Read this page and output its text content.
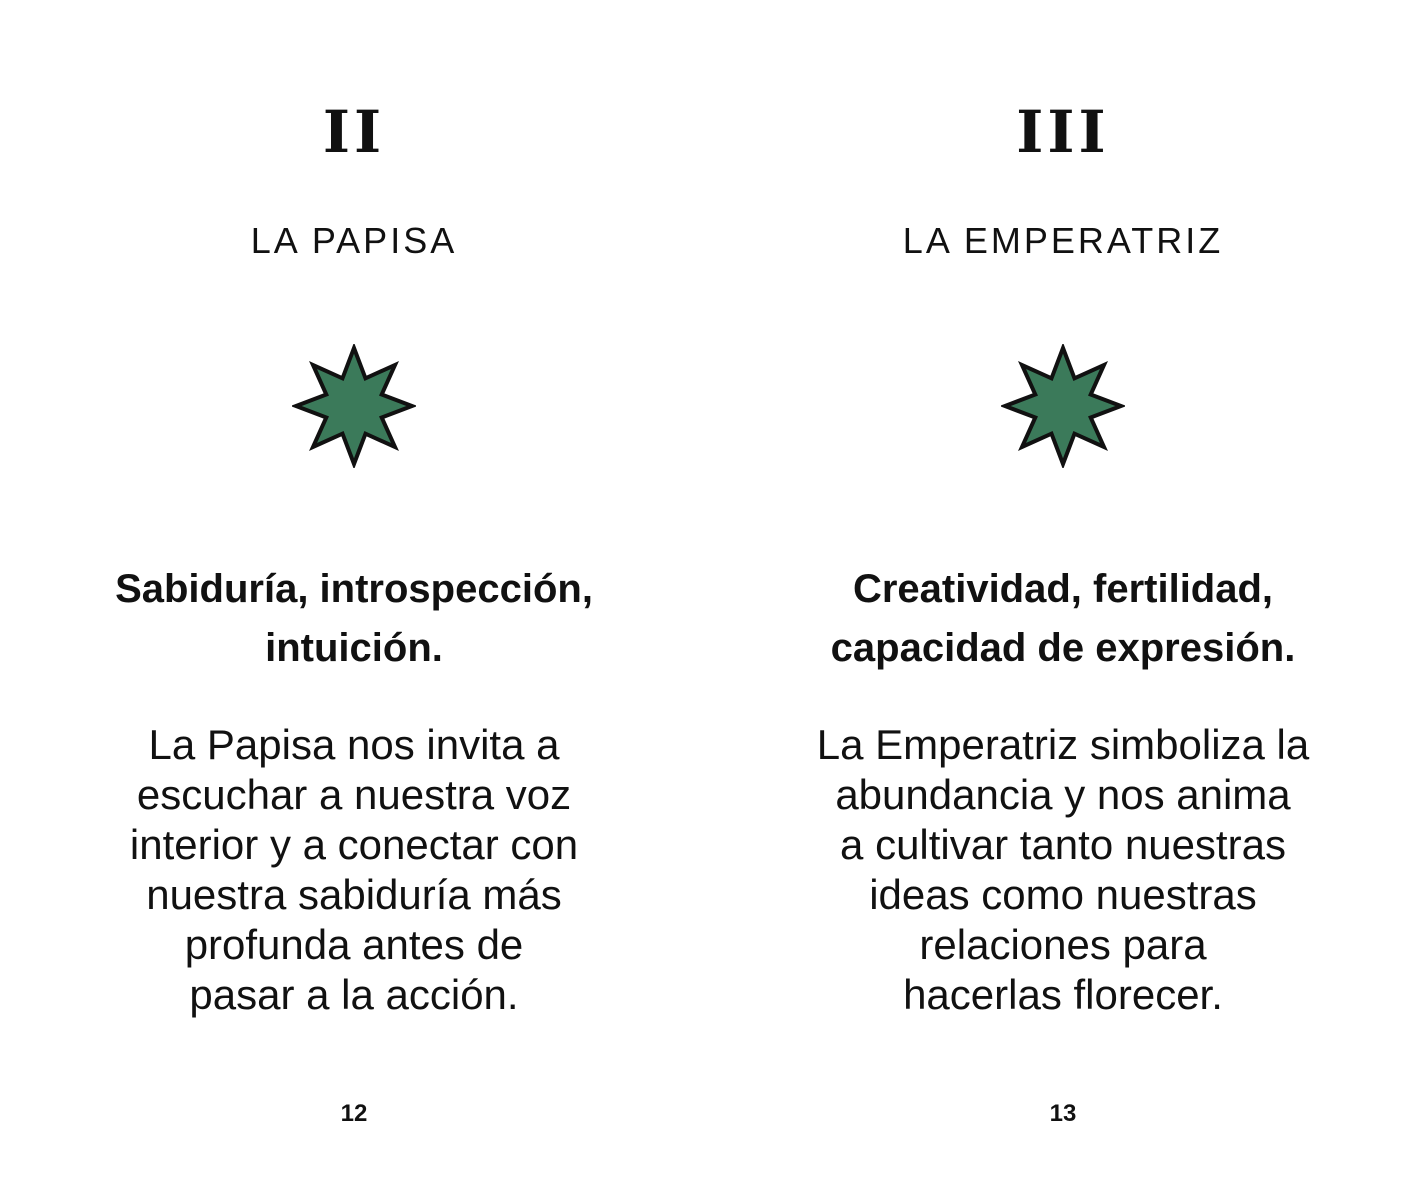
II
LA PAPISA
Sabiduría, introspección,
intuición.
La Papisa nos invita a
escuchar a nuestra voz
interior y a conectar con
nuestra sabiduría más
profunda antes de
pasar a la acción.
12
III
LA EMPERATRIZ
Creatividad, fertilidad,
capacidad de expresión.
La Emperatriz simboliza la
abundancia y nos anima
a cultivar tanto nuestras
ideas como nuestras
relaciones para
hacerlas florecer.
13
